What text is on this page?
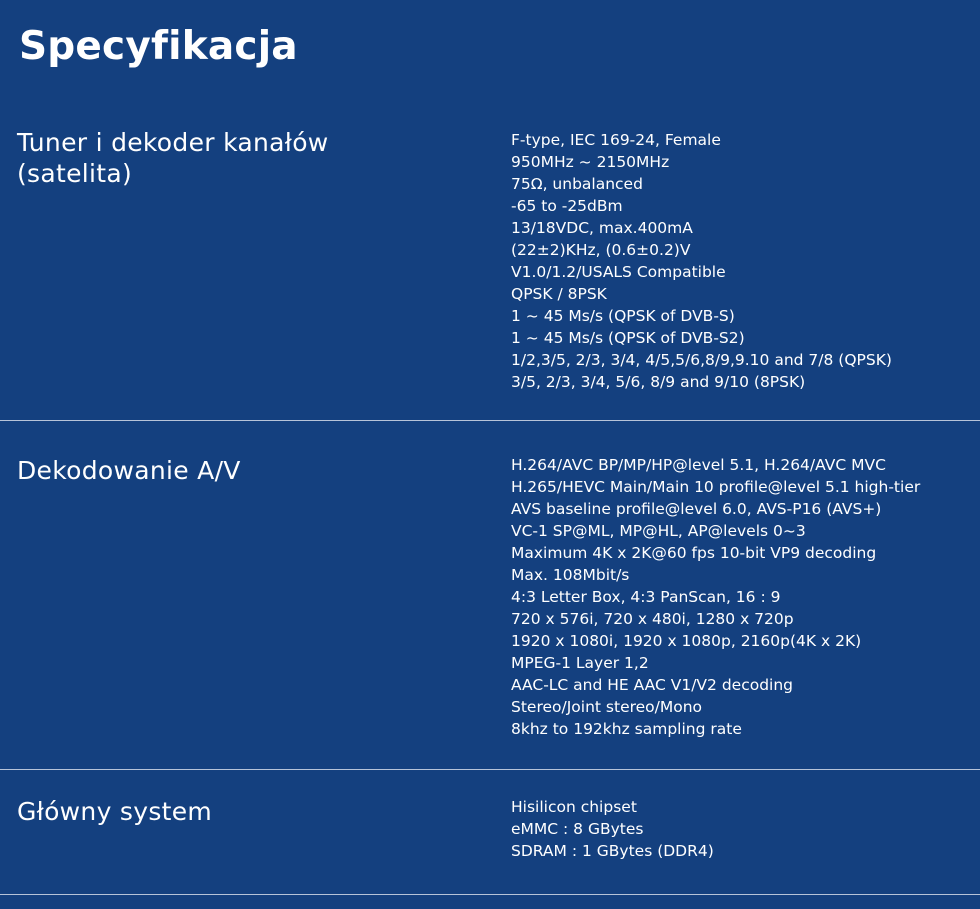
Specyfikacja
Tuner i dekoder kanałów (satelita)
F-type, IEC 169-24, Female
950MHz ~ 2150MHz
75Ω, unbalanced
-65 to -25dBm
13/18VDC, max.400mA
(22±2)KHz, (0.6±0.2)V
V1.0/1.2/USALS Compatible
QPSK / 8PSK
1 ~ 45 Ms/s (QPSK of DVB-S)
1 ~ 45 Ms/s (QPSK of DVB-S2)
1/2,3/5, 2/3, 3/4, 4/5,5/6,8/9,9.10 and 7/8 (QPSK)
3/5, 2/3, 3/4, 5/6, 8/9 and 9/10 (8PSK)
Dekodowanie A/V	H.264/AVC BP/MP/HP@level 5.1, H.264/AVC MVC
H.265/HEVC Main/Main 10 profile@level 5.1 high-tier
AVS baseline profile@level 6.0, AVS-P16 (AVS+)
VC-1 SP@ML, MP@HL, AP@levels 0~3
Maximum 4K x 2K@60 fps 10-bit VP9 decoding
Max. 108Mbit/s
4:3 Letter Box, 4:3 PanScan, 16 : 9
720 x 576i, 720 x 480i, 1280 x 720p
1920 x 1080i, 1920 x 1080p, 2160p(4K x 2K)
MPEG-1 Layer 1,2
AAC-LC and HE AAC V1/V2 decoding
Stereo/Joint stereo/Mono
8khz to 192khz sampling rate
Główny system	Hisilicon chipset
eMMC : 8 GBytes
SDRAM : 1 GBytes (DDR4)
